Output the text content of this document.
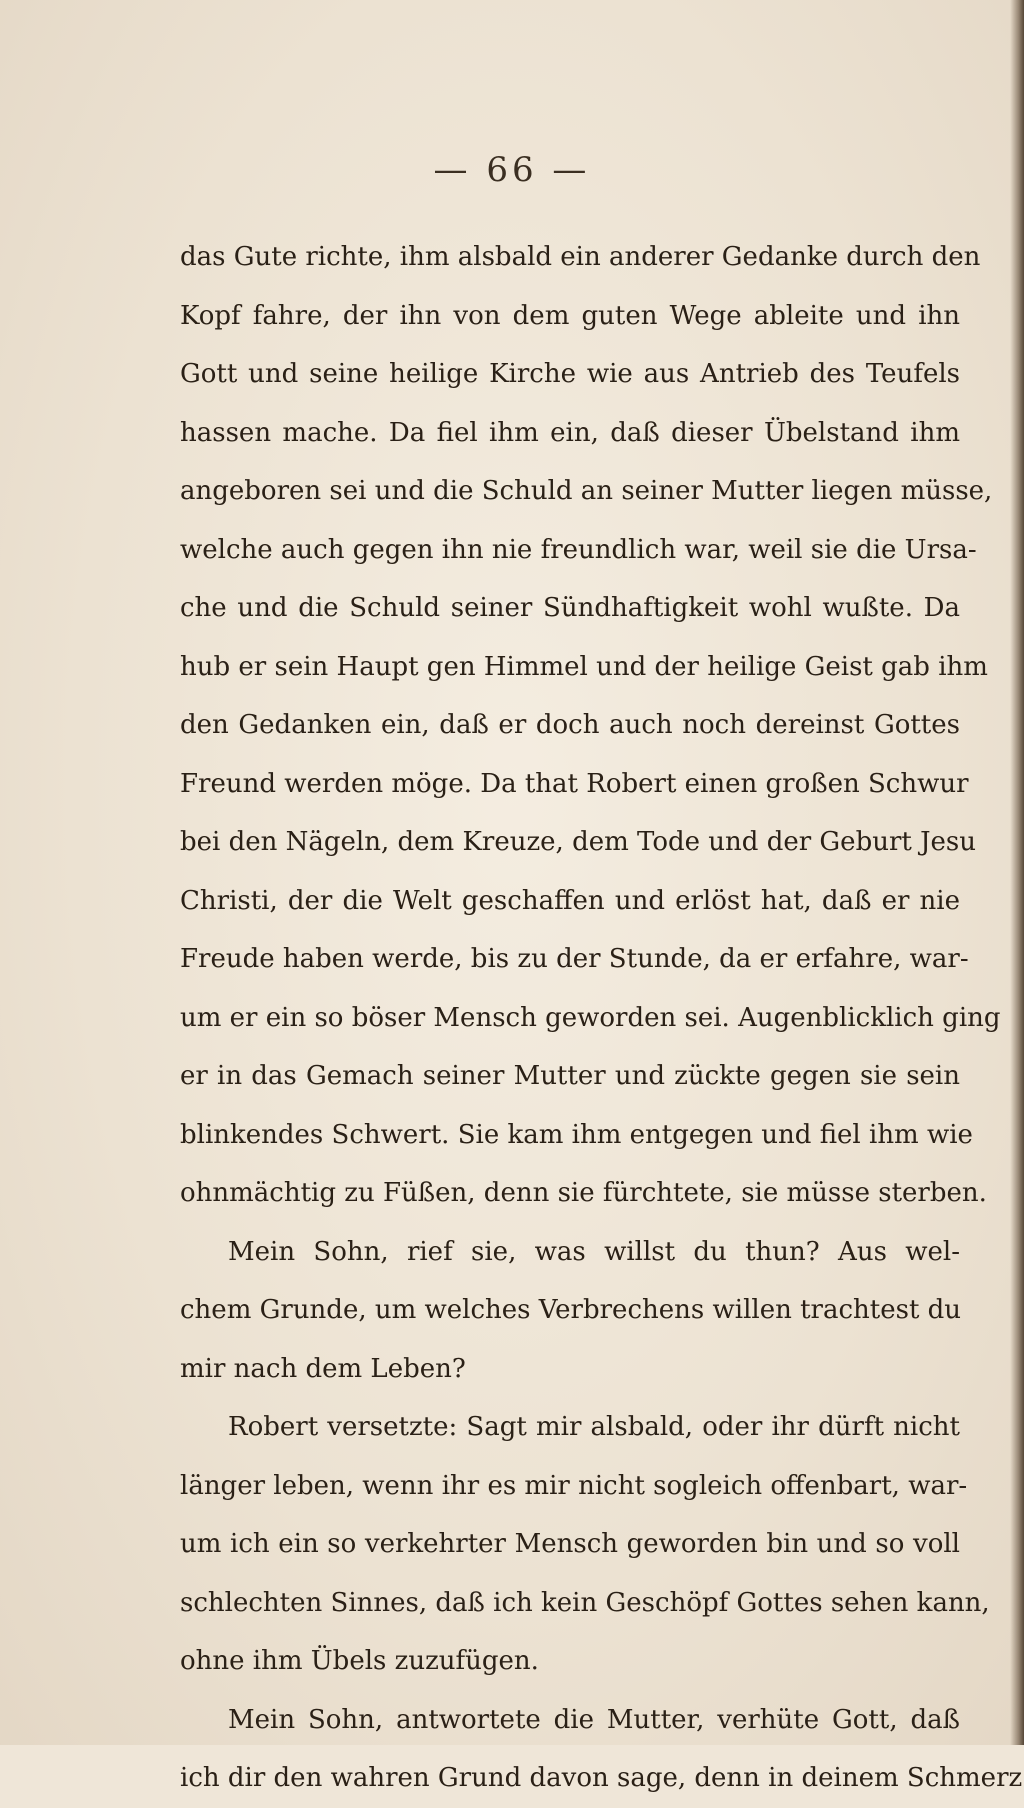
— 66 —
das Gute richte, ihm alsbald ein anderer Gedanke durch den
Kopf fahre, der ihn von dem guten Wege ableite und ihn
Gott und seine heilige Kirche wie aus Antrieb des Teufels
hassen mache. Da fiel ihm ein, daß dieser Übelstand ihm
angeboren sei und die Schuld an seiner Mutter liegen müsse,
welche auch gegen ihn nie freundlich war, weil sie die Ursa-
che und die Schuld seiner Sündhaftigkeit wohl wußte. Da
hub er sein Haupt gen Himmel und der heilige Geist gab ihm
den Gedanken ein, daß er doch auch noch dereinst Gottes
Freund werden möge. Da that Robert einen großen Schwur
bei den Nägeln, dem Kreuze, dem Tode und der Geburt Jesu
Christi, der die Welt geschaffen und erlöst hat, daß er nie
Freude haben werde, bis zu der Stunde, da er erfahre, war-
um er ein so böser Mensch geworden sei. Augenblicklich ging
er in das Gemach seiner Mutter und zückte gegen sie sein
blinkendes Schwert. Sie kam ihm entgegen und fiel ihm wie
ohnmächtig zu Füßen, denn sie fürchtete, sie müsse sterben.
Mein Sohn, rief sie, was willst du thun? Aus wel-
chem Grunde, um welches Verbrechens willen trachtest du
mir nach dem Leben?
Robert versetzte: Sagt mir alsbald, oder ihr dürft nicht
länger leben, wenn ihr es mir nicht sogleich offenbart, war-
um ich ein so verkehrter Mensch geworden bin und so voll
schlechten Sinnes, daß ich kein Geschöpf Gottes sehen kann,
ohne ihm Übels zuzufügen.
Mein Sohn, antwortete die Mutter, verhüte Gott, daß
ich dir den wahren Grund davon sage, denn in deinem Schmerz
